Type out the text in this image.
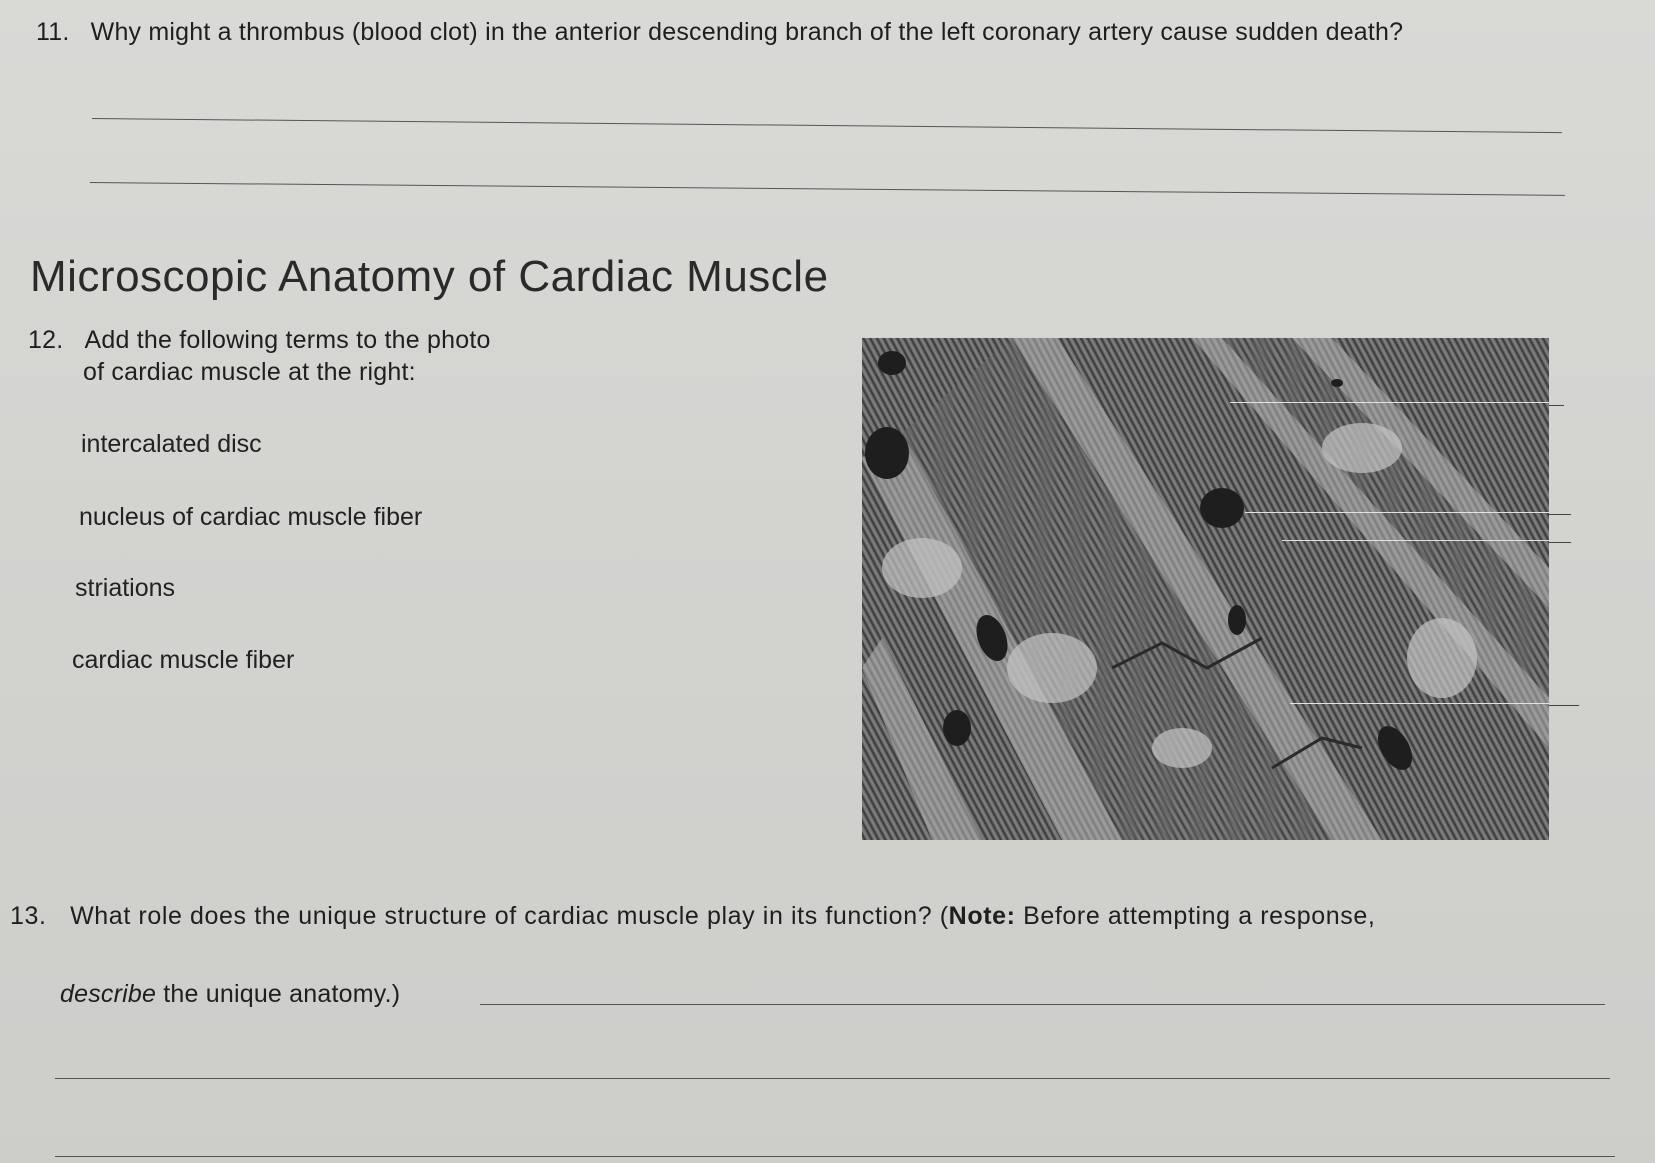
11. Why might a thrombus (blood clot) in the anterior descending branch of the left coronary artery cause sudden death?
Microscopic Anatomy of Cardiac Muscle
12. Add the following terms to the photo
of cardiac muscle at the right:
intercalated disc
nucleus of cardiac muscle fiber
striations
cardiac muscle fiber
13. What role does the unique structure of cardiac muscle play in its function? (Note: Before attempting a response,
describe the unique anatomy.)
